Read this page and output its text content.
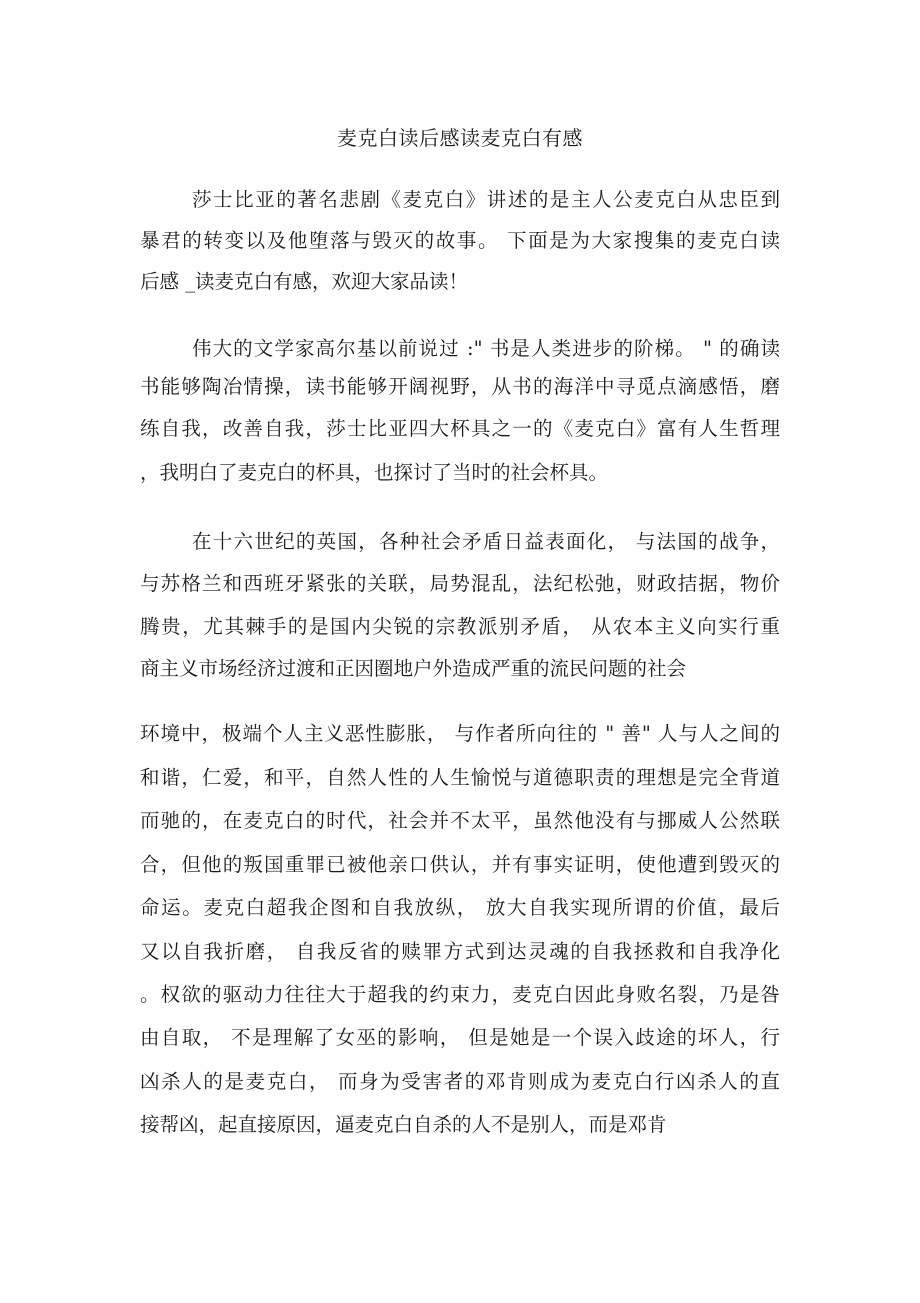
麦克白读后感读麦克白有感
莎士比亚的著名悲剧《麦克白》讲述的是主人公麦克白从忠臣到
暴君的转变以及他堕落与毁灭的故事。 下面是为大家搜集的麦克白读
后感 _读麦克白有感，欢迎大家品读！
伟大的文学家高尔基以前说过 :" 书是人类进步的阶梯。 " 的确读
书能够陶冶情操，读书能够开阔视野，从书的海洋中寻觅点滴感悟，磨
练自我，改善自我，莎士比亚四大杯具之一的《麦克白》富有人生哲理
，我明白了麦克白的杯具，也探讨了当时的社会杯具。
在十六世纪的英国，各种社会矛盾日益表面化， 与法国的战争，
与苏格兰和西班牙紧张的关联，局势混乱，法纪松弛，财政拮据，物价
腾贵，尤其棘手的是国内尖锐的宗教派别矛盾， 从农本主义向实行重
商主义市场经济过渡和正因圈地户外造成严重的流民问题的社会
环境中，极端个人主义恶性膨胀， 与作者所向往的 " 善" 人与人之间的
和谐，仁爱，和平，自然人性的人生愉悦与道德职责的理想是完全背道
而驰的，在麦克白的时代，社会并不太平，虽然他没有与挪威人公然联
合，但他的叛国重罪已被他亲口供认，并有事实证明，使他遭到毁灭的
命运。麦克白超我企图和自我放纵， 放大自我实现所谓的价值，最后
又以自我折磨， 自我反省的赎罪方式到达灵魂的自我拯救和自我净化
。权欲的驱动力往往大于超我的约束力，麦克白因此身败名裂，乃是咎
由自取， 不是理解了女巫的影响， 但是她是一个误入歧途的坏人，行
凶杀人的是麦克白， 而身为受害者的邓肯则成为麦克白行凶杀人的直
接帮凶，起直接原因，逼麦克白自杀的人不是别人，而是邓肯
